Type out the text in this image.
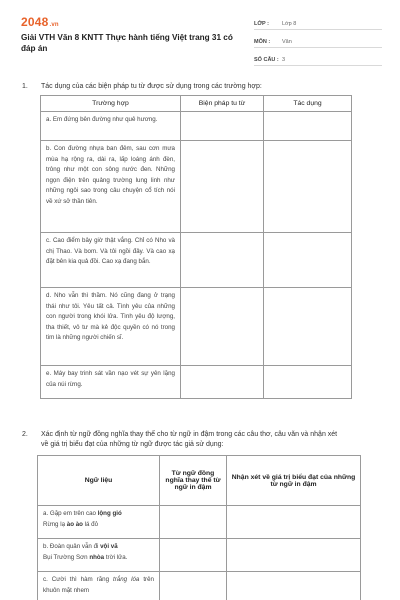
2048.vn
Giải VTH Văn 8 KNTT Thực hành tiếng Việt trang 31 có đáp án
LỚP :	Lớp 8
MÔN :	Văn
SỐ CÂU : 3
1. Tác dụng của các biện pháp tu từ được sử dụng trong các trường hợp:
Trường hợp	Biện pháp tu từ	Tác dụng
a. Em đứng bên đường như quê hương.		
b. Con đường nhựa ban đêm, sau cơn mưa mùa hạ rộng ra, dài ra, lấp loáng ánh đèn, trông như một con sông nước đen. Những ngọn điện trên quảng trường lung linh như những ngôi sao trong câu chuyện cổ tích nói về xứ sở thần tiên.		
c. Cao điểm bây giờ thật vắng. Chỉ có Nho và chị Thao. Và bom. Và tôi ngồi đây. Và cao xạ đặt bên kia quả đồi. Cao xạ đang bắn.		
d. Nho vẫn thì thầm. Nó cũng đang ở trạng thái như tôi. Yêu tất cả. Tình yêu của những con người trong khói lửa. Tình yêu độ lượng, tha thiết, vô tư mà kẻ độc quyền có nó trong tim là những người chiến sĩ.		
e. Máy bay trinh sát vần nạo vét sự yên lặng của núi rừng.		
2. Xác định từ ngữ đồng nghĩa thay thế cho từ ngữ in đậm trong các câu thơ, câu văn và nhận xét
về giá trị biểu đạt của những từ ngữ được tác giả sử dụng:
Ngữ liệu	Từ ngữ đồng nghĩa thay thế từ ngữ in đậm	Nhận xét về giá trị biểu đạt của những từ ngữ in đậm
a. Gặp em trên cao lộng gió
Rừng lạ ào ào lá đỏ		
b. Đoàn quân vẫn đi vội vã
Bụi Trường Sơn nhòa trời lửa.		
c. Cười thì hàm răng trắng lóa trên khuôn mặt nhem		
